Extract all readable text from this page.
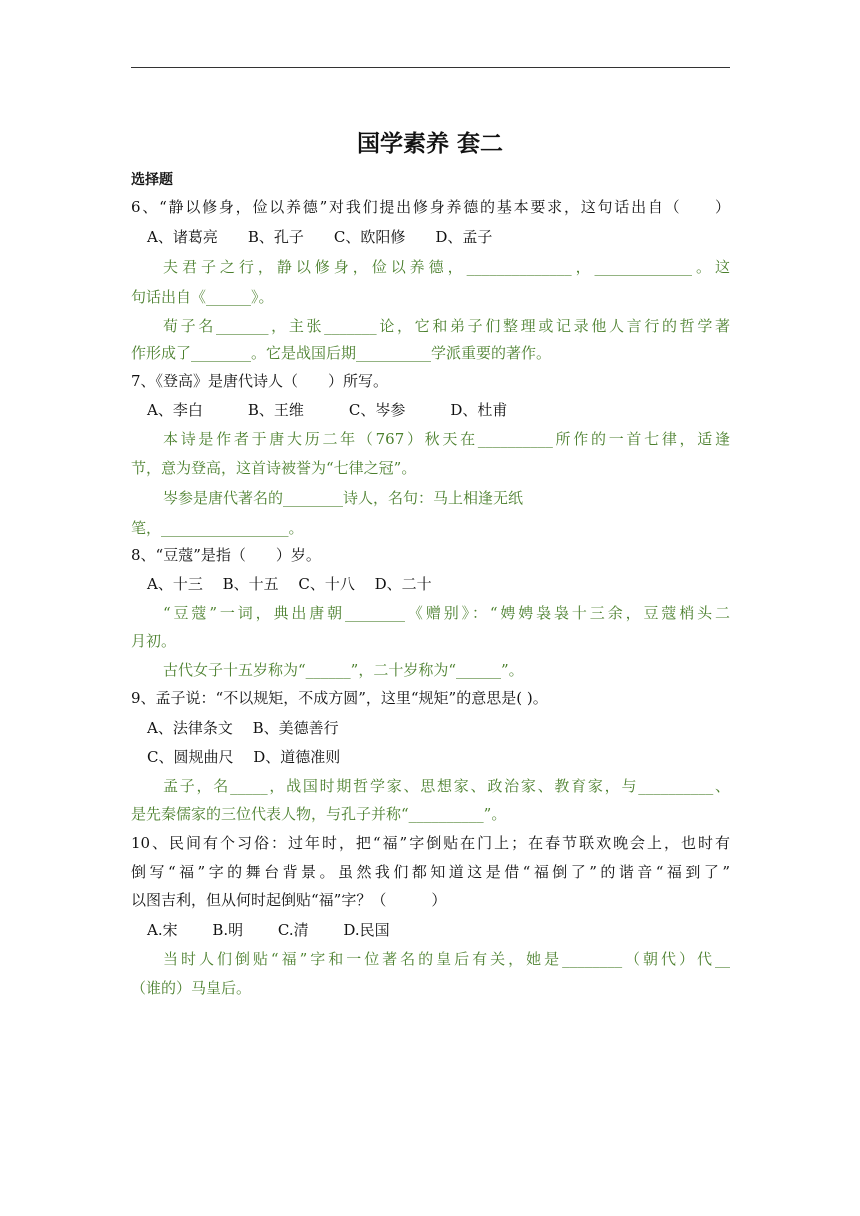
国学素养 套二
选择题
6、“静以修身，俭以养德”对我们提出修身养德的基本要求，这句话出自（　　）
A、诸葛亮　　B、孔子　　C、欧阳修　　D、孟子
夫君子之行，静以修身，俭以养德，______________，_____________。这
句话出自《______》。
荀子名_______，主张_______论，它和弟子们整理或记录他人言行的哲学著
作形成了________。它是战国后期__________学派重要的著作。
7、《登高》是唐代诗人（　　）所写。
A、李白　　　B、王维　　　C、岑参　　　D、杜甫
本诗是作者于唐大历二年（767）秋天在__________所作的一首七律，适逢
节，意为登高，这首诗被誉为“七律之冠”。
岑参是唐代著名的________诗人，名句：马上相逢无纸
笔，_________________。
8、“豆蔻”是指（　　）岁。
A、十三　 B、十五　 C、十八　 D、二十
“豆蔻”一词，典出唐朝________《赠别》：“娉娉袅袅十三余，豆蔻梢头二
月初。
古代女子十五岁称为“______”，二十岁称为“______”。
9、孟子说：“不以规矩，不成方圆”，这里“规矩”的意思是( )。
A、法律条文　 B、美德善行
C、圆规曲尺　 D、道德准则
孟子，名_____，战国时期哲学家、思想家、政治家、教育家，与__________、
是先秦儒家的三位代表人物，与孔子并称“__________”。
10、民间有个习俗：过年时，把“福”字倒贴在门上；在春节联欢晚会上，也时有
倒写“福”字的舞台背景。虽然我们都知道这是借“福倒了”的谐音“福到了”
以图吉利，但从何时起倒贴“福”字？（　　　）
A.宋　　 B.明　　 C.清　　 D.民国
当时人们倒贴“福”字和一位著名的皇后有关，她是________（朝代）代__
（谁的）马皇后。
